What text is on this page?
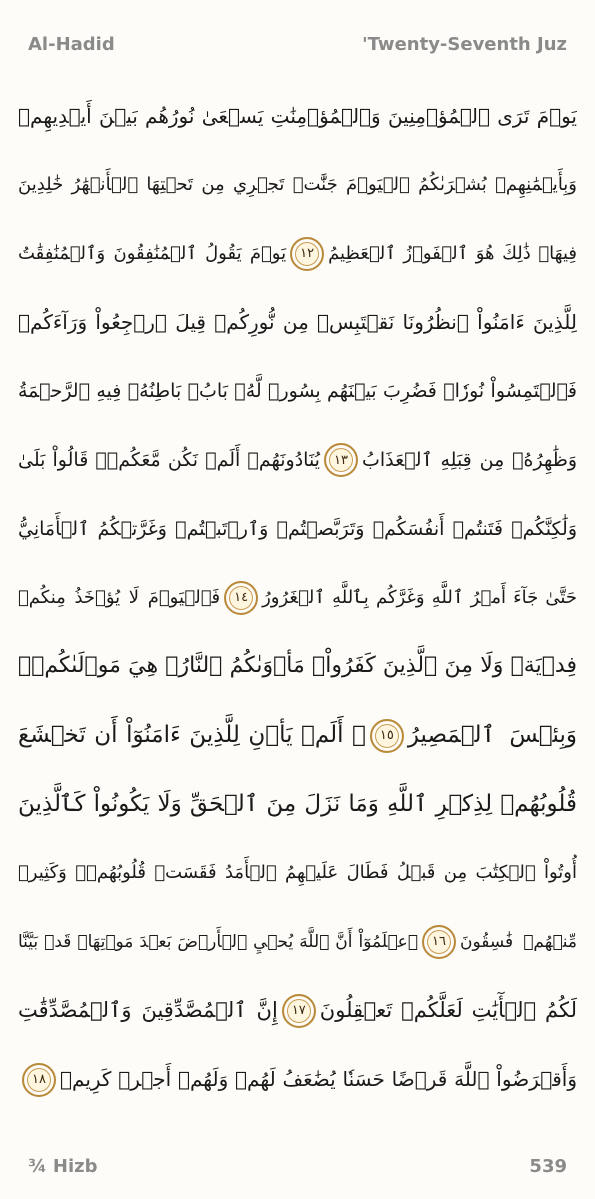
Al-Hadid	'Twenty-Seventh Juz
يَوۡمَ تَرَى ٱلۡمُؤۡمِنِينَ وَٱلۡمُؤۡمِنَٰتِ يَسۡعَىٰ نُورُهُم بَيۡنَ أَيۡدِيهِمۡ
وَبِأَيۡمَٰنِهِمۖ بُشۡرَىٰكُمُ ٱلۡيَوۡمَ جَنَّٰتٞ تَجۡرِي مِن تَحۡتِهَا ٱلۡأَنۡهَٰرُ خَٰلِدِينَ
فِيهَاۚ ذَٰلِكَ هُوَ ٱلۡفَوۡزُ ٱلۡعَظِيمُ
١٢
يَوۡمَ يَقُولُ ٱلۡمُنَٰفِقُونَ وَٱلۡمُنَٰفِقَٰتُ
لِلَّذِينَ ءَامَنُواْ ٱنظُرُونَا نَقۡتَبِسۡ مِن نُّورِكُمۡ قِيلَ ٱرۡجِعُواْ وَرَآءَكُمۡ
فَٱلۡتَمِسُواْ نُورٗاۖ فَضُرِبَ بَيۡنَهُم بِسُورٖ لَّهُۥ بَابُۢ بَاطِنُهُۥ فِيهِ ٱلرَّحۡمَةُ
وَظَٰهِرُهُۥ مِن قِبَلِهِ ٱلۡعَذَابُ
١٣
يُنَادُونَهُمۡ أَلَمۡ نَكُن مَّعَكُمۡۖ قَالُواْ بَلَىٰ
وَلَٰكِنَّكُمۡ فَتَنتُمۡ أَنفُسَكُمۡ وَتَرَبَّصۡتُمۡ وَٱرۡتَبۡتُمۡ وَغَرَّتۡكُمُ ٱلۡأَمَانِيُّ
حَتَّىٰ جَآءَ أَمۡرُ ٱللَّهِ وَغَرَّكُم بِٱللَّهِ ٱلۡغَرُورُ
١٤
فَٱلۡيَوۡمَ لَا يُؤۡخَذُ مِنكُمۡ
فِدۡيَةٞ وَلَا مِنَ ٱلَّذِينَ كَفَرُواْۚ مَأۡوَىٰكُمُ ٱلنَّارُۖ هِيَ مَوۡلَىٰكُمۡۖ
وَبِئۡسَ ٱلۡمَصِيرُ
١٥
۞ أَلَمۡ يَأۡنِ لِلَّذِينَ ءَامَنُوٓاْ أَن تَخۡشَعَ
قُلُوبُهُمۡ لِذِكۡرِ ٱللَّهِ وَمَا نَزَلَ مِنَ ٱلۡحَقِّ وَلَا يَكُونُواْ كَٱلَّذِينَ
أُوتُواْ ٱلۡكِتَٰبَ مِن قَبۡلُ فَطَالَ عَلَيۡهِمُ ٱلۡأَمَدُ فَقَسَتۡ قُلُوبُهُمۡۖ وَكَثِيرٞ
مِّنۡهُمۡ فَٰسِقُونَ
١٦
ٱعۡلَمُوٓاْ أَنَّ ٱللَّهَ يُحۡيِ ٱلۡأَرۡضَ بَعۡدَ مَوۡتِهَاۚ قَدۡ بَيَّنَّا
لَكُمُ ٱلۡأٓيَٰتِ لَعَلَّكُمۡ تَعۡقِلُونَ
١٧
إِنَّ ٱلۡمُصَّدِّقِينَ وَٱلۡمُصَّدِّقَٰتِ
وَأَقۡرَضُواْ ٱللَّهَ قَرۡضًا حَسَنٗا يُضَٰعَفُ لَهُمۡ وَلَهُمۡ أَجۡرٞ كَرِيمٞ
١٨
¾ Hizb	539
